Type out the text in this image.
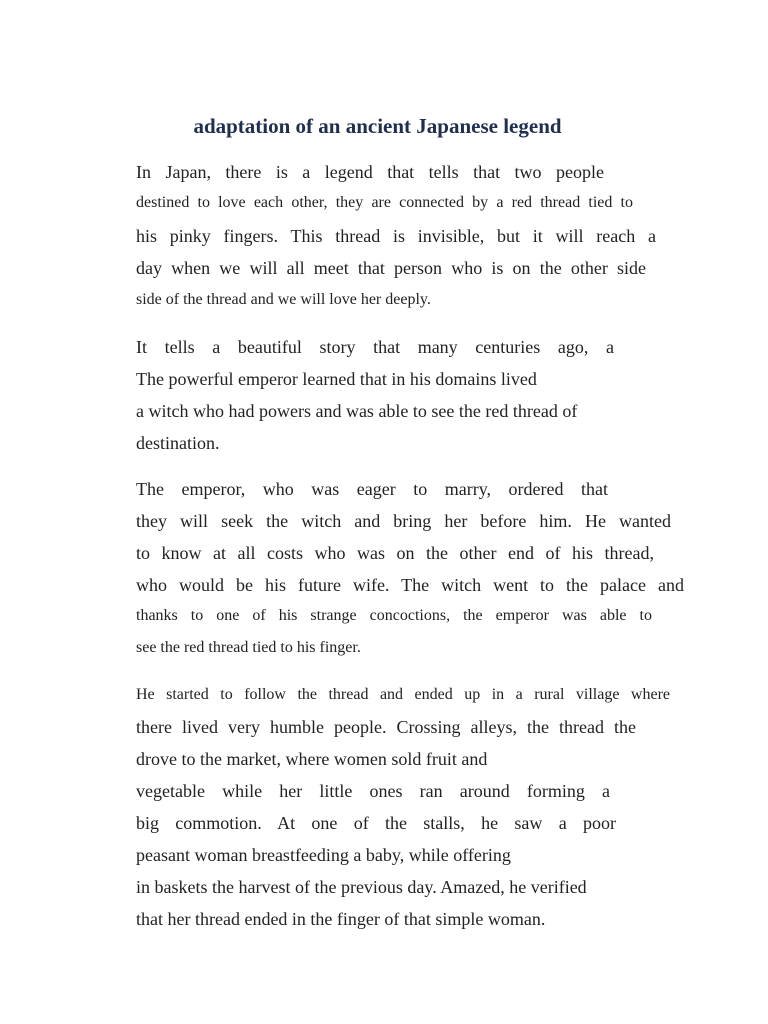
adaptation of an ancient Japanese legend
In Japan, there is a legend that tells that two people
destined to love each other, they are connected by a red thread tied to
his pinky fingers. This thread is invisible, but it will reach a
day when we will all meet that person who is on the other side
side of the thread and we will love her deeply.
It tells a beautiful story that many centuries ago, a
The powerful emperor learned that in his domains lived
a witch who had powers and was able to see the red thread of
destination.
The emperor, who was eager to marry, ordered that
they will seek the witch and bring her before him. He wanted
to know at all costs who was on the other end of his thread,
who would be his future wife. The witch went to the palace and
thanks to one of his strange concoctions, the emperor was able to
see the red thread tied to his finger.
He started to follow the thread and ended up in a rural village where
there lived very humble people. Crossing alleys, the thread the
drove to the market, where women sold fruit and
vegetable while her little ones ran around forming a
big commotion. At one of the stalls, he saw a poor
peasant woman breastfeeding a baby, while offering
in baskets the harvest of the previous day. Amazed, he verified
that her thread ended in the finger of that simple woman.
